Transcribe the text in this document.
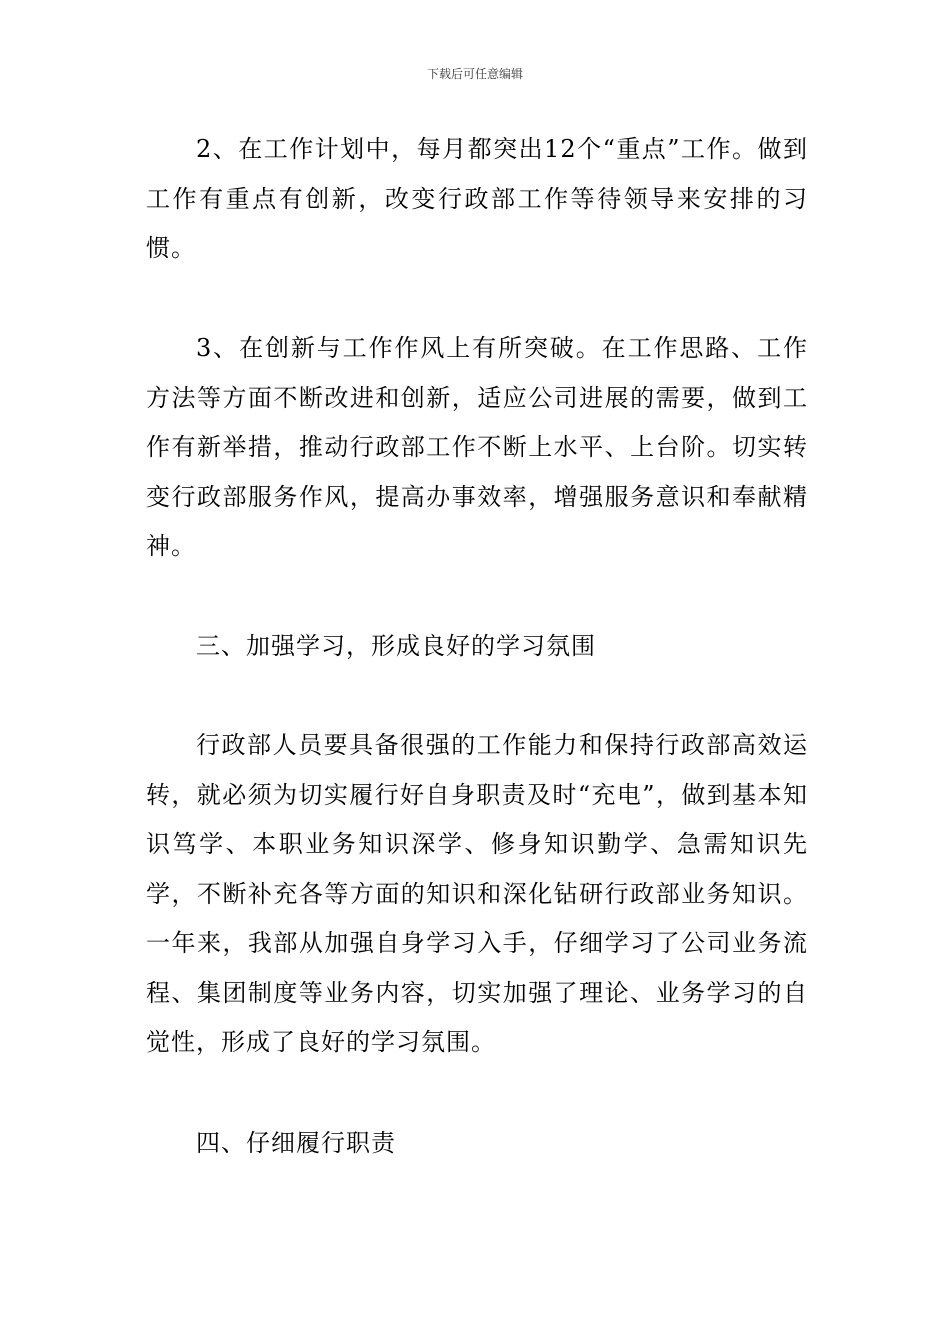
下载后可任意编辑

2、在工作计划中，每月都突出12个“重点”工作。做到工作有重点有创新，改变行政部工作等待领导来安排的习惯。

3、在创新与工作作风上有所突破。在工作思路、工作方法等方面不断改进和创新，适应公司进展的需要，做到工作有新举措，推动行政部工作不断上水平、上台阶。切实转变行政部服务作风，提高办事效率，增强服务意识和奉献精神。

三、加强学习，形成良好的学习氛围

行政部人员要具备很强的工作能力和保持行政部高效运转，就必须为切实履行好自身职责及时“充电”，做到基本知识笃学、本职业务知识深学、修身知识勤学、急需知识先学，不断补充各等方面的知识和深化钻研行政部业务知识。一年来，我部从加强自身学习入手，仔细学习了公司业务流程、集团制度等业务内容，切实加强了理论、业务学习的自觉性，形成了良好的学习氛围。

四、仔细履行职责
